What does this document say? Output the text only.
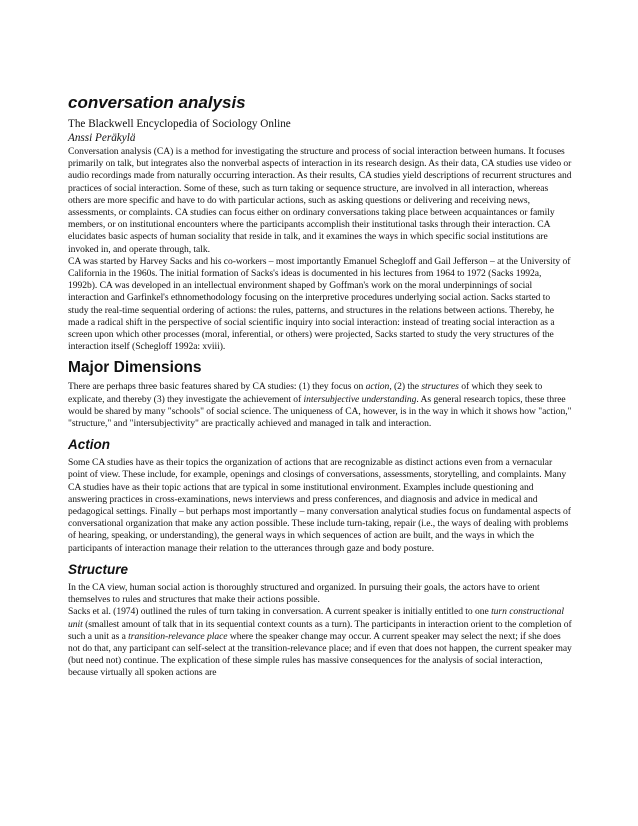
conversation analysis

The Blackwell Encyclopedia of Sociology Online

Anssi Peräkylä

Conversation analysis (CA) is a method for investigating the structure and process of social interaction between humans. It focuses primarily on talk, but integrates also the nonverbal aspects of interaction in its research design. As their data, CA studies use video or audio recordings made from naturally occurring interaction. As their results, CA studies yield descriptions of recurrent structures and practices of social interaction. Some of these, such as turn taking or sequence structure, are involved in all interaction, whereas others are more specific and have to do with particular actions, such as asking questions or delivering and receiving news, assessments, or complaints. CA studies can focus either on ordinary conversations taking place between acquaintances or family members, or on institutional encounters where the participants accomplish their institutional tasks through their interaction. CA elucidates basic aspects of human sociality that reside in talk, and it examines the ways in which specific social institutions are invoked in, and operate through, talk.

CA was started by Harvey Sacks and his co-workers – most importantly Emanuel Schegloff and Gail Jefferson – at the University of California in the 1960s. The initial formation of Sacks's ideas is documented in his lectures from 1964 to 1972 (Sacks 1992a, 1992b). CA was developed in an intellectual environment shaped by Goffman's work on the moral underpinnings of social interaction and Garfinkel's ethnomethodology focusing on the interpretive procedures underlying social action. Sacks started to study the real-time sequential ordering of actions: the rules, patterns, and structures in the relations between actions. Thereby, he made a radical shift in the perspective of social scientific inquiry into social interaction: instead of treating social interaction as a screen upon which other processes (moral, inferential, or others) were projected, Sacks started to study the very structures of the interaction itself (Schegloff 1992a: xviii).

Major Dimensions

There are perhaps three basic features shared by CA studies: (1) they focus on action, (2) the structures of which they seek to explicate, and thereby (3) they investigate the achievement of intersubjective understanding. As general research topics, these three would be shared by many "schools" of social science. The uniqueness of CA, however, is in the way in which it shows how "action," "structure," and "intersubjectivity" are practically achieved and managed in talk and interaction.

Action

Some CA studies have as their topics the organization of actions that are recognizable as distinct actions even from a vernacular point of view. These include, for example, openings and closings of conversations, assessments, storytelling, and complaints. Many CA studies have as their topic actions that are typical in some institutional environment. Examples include questioning and answering practices in cross-examinations, news interviews and press conferences, and diagnosis and advice in medical and pedagogical settings. Finally – but perhaps most importantly – many conversation analytical studies focus on fundamental aspects of conversational organization that make any action possible. These include turn-taking, repair (i.e., the ways of dealing with problems of hearing, speaking, or understanding), the general ways in which sequences of action are built, and the ways in which the participants of interaction manage their relation to the utterances through gaze and body posture.

Structure

In the CA view, human social action is thoroughly structured and organized. In pursuing their goals, the actors have to orient themselves to rules and structures that make their actions possible.

Sacks et al. (1974) outlined the rules of turn taking in conversation. A current speaker is initially entitled to one turn constructional unit (smallest amount of talk that in its sequential context counts as a turn). The participants in interaction orient to the completion of such a unit as a transition-relevance place where the speaker change may occur. A current speaker may select the next; if she does not do that, any participant can self-select at the transition-relevance place; and if even that does not happen, the current speaker may (but need not) continue. The explication of these simple rules has massive consequences for the analysis of social interaction, because virtually all spoken actions are
